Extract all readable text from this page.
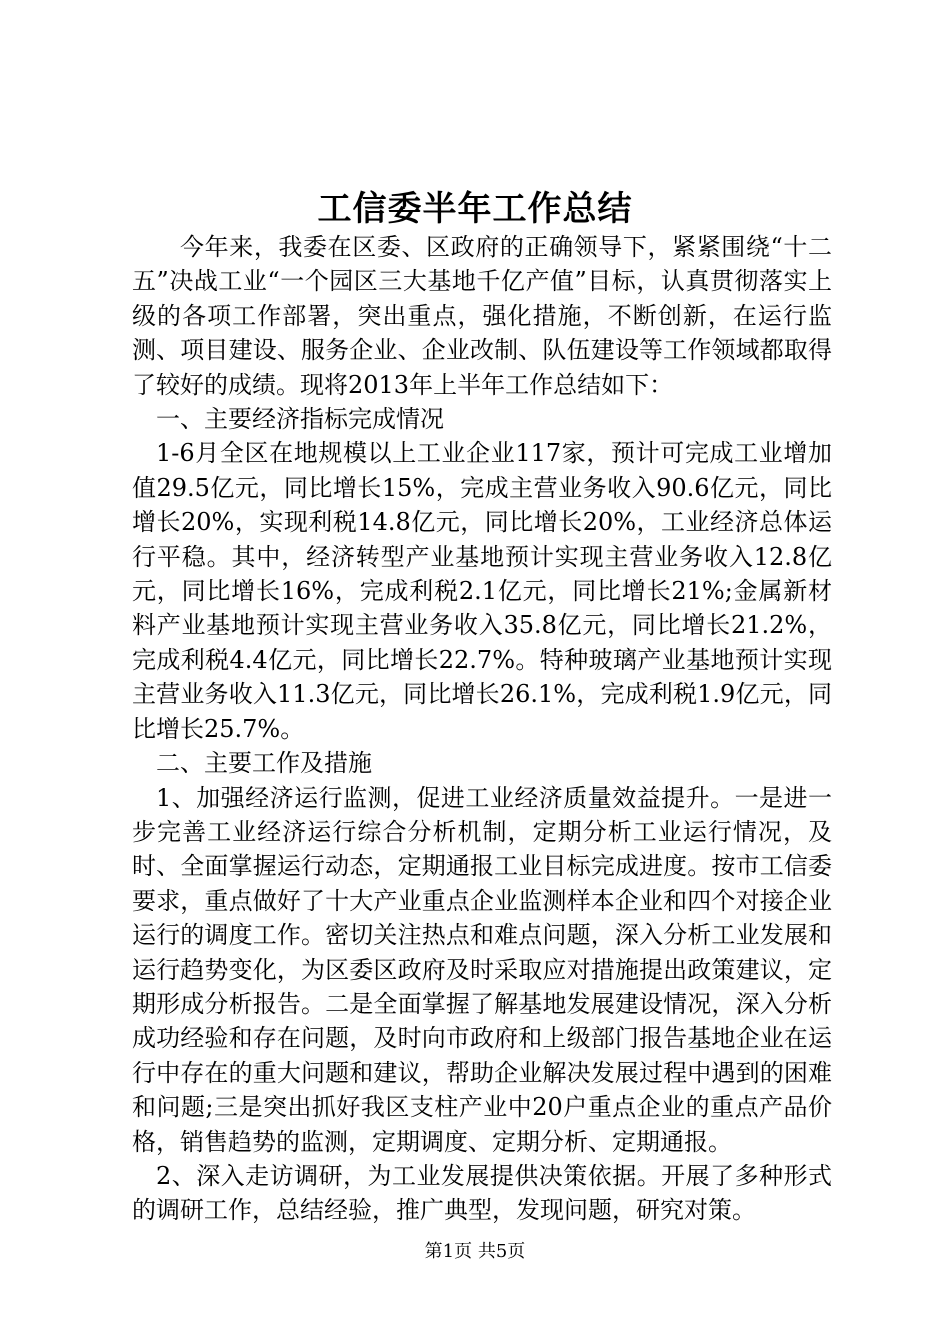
工信委半年工作总结

今年来，我委在区委、区政府的正确领导下，紧紧围绕“十二五”决战工业“一个园区三大基地千亿产值”目标，认真贯彻落实上级的各项工作部署，突出重点，强化措施，不断创新，在运行监测、项目建设、服务企业、企业改制、队伍建设等工作领域都取得了较好的成绩。现将2013年上半年工作总结如下：

一、主要经济指标完成情况

1-6月全区在地规模以上工业企业117家，预计可完成工业增加值29.5亿元，同比增长15%，完成主营业务收入90.6亿元，同比增长20%，实现利税14.8亿元，同比增长20%，工业经济总体运行平稳。其中，经济转型产业基地预计实现主营业务收入12.8亿元，同比增长16%，完成利税2.1亿元，同比增长21%;金属新材料产业基地预计实现主营业务收入35.8亿元，同比增长21.2%，完成利税4.4亿元，同比增长22.7%。特种玻璃产业基地预计实现主营业务收入11.3亿元，同比增长26.1%，完成利税1.9亿元，同比增长25.7%。

二、主要工作及措施

1、加强经济运行监测，促进工业经济质量效益提升。一是进一步完善工业经济运行综合分析机制，定期分析工业运行情况，及时、全面掌握运行动态，定期通报工业目标完成进度。按市工信委要求，重点做好了十大产业重点企业监测样本企业和四个对接企业运行的调度工作。密切关注热点和难点问题，深入分析工业发展和运行趋势变化，为区委区政府及时采取应对措施提出政策建议，定期形成分析报告。二是全面掌握了解基地发展建设情况，深入分析成功经验和存在问题，及时向市政府和上级部门报告基地企业在运行中存在的重大问题和建议，帮助企业解决发展过程中遇到的困难和问题;三是突出抓好我区支柱产业中20户重点企业的重点产品价格，销售趋势的监测，定期调度、定期分析、定期通报。

2、深入走访调研，为工业发展提供决策依据。开展了多种形式的调研工作，总结经验，推广典型，发现问题，研究对策。

第1页 共5页
